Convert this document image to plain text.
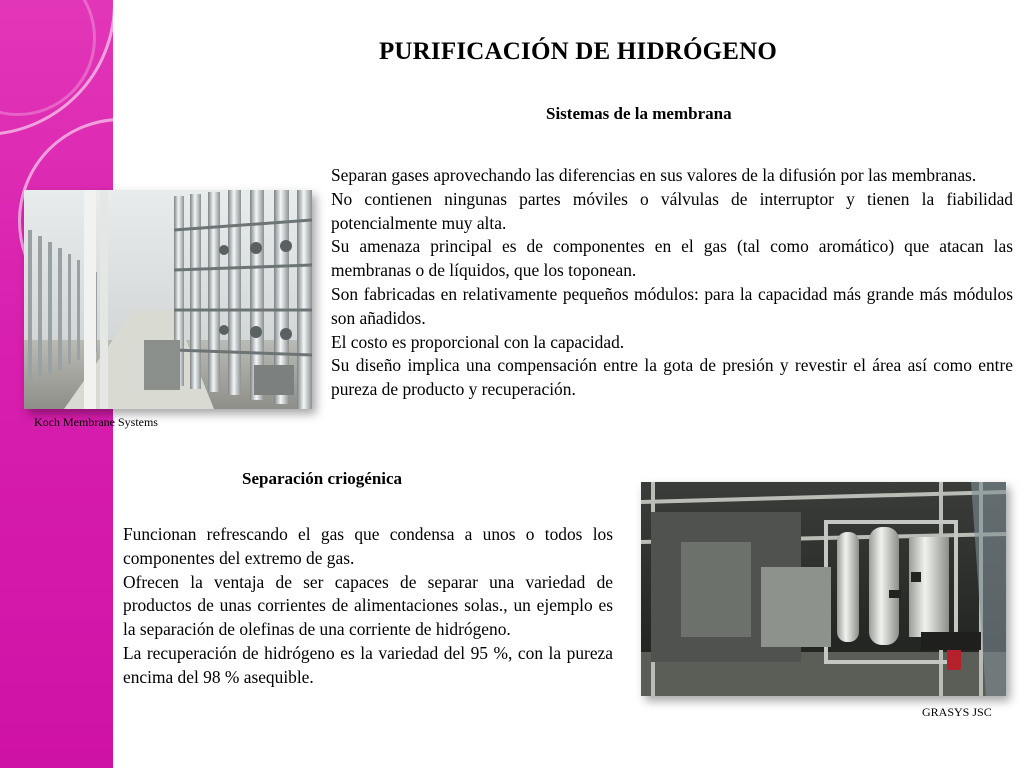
PURIFICACIÓN DE HIDRÓGENO
Sistemas de la membrana
Koch Membrane Systems

Separan gases aprovechando las diferencias en sus valores de la difusión por las membranas.

No contienen ningunas partes móviles o válvulas de interruptor y tienen la fiabilidad potencialmente muy alta.

Su amenaza principal es de componentes en el gas (tal como aromático) que atacan las membranas o de líquidos, que los toponean.

Son fabricadas en relativamente pequeños módulos: para la capacidad más grande más módulos son añadidos.

El costo es proporcional con la capacidad.

Su diseño implica una compensación entre la gota de presión y revestir el área así como entre pureza de producto y recuperación.

Separación criogénica

Funcionan refrescando el gas que condensa a unos o todos los componentes del extremo de gas.

Ofrecen la ventaja de ser capaces de separar una variedad de productos de unas corrientes de alimentaciones solas., un ejemplo es la separación de olefinas de una corriente de hidrógeno.

La recuperación de hidrógeno es la variedad del 95 %, con la pureza encima del 98 % asequible.

GRASYS JSC
